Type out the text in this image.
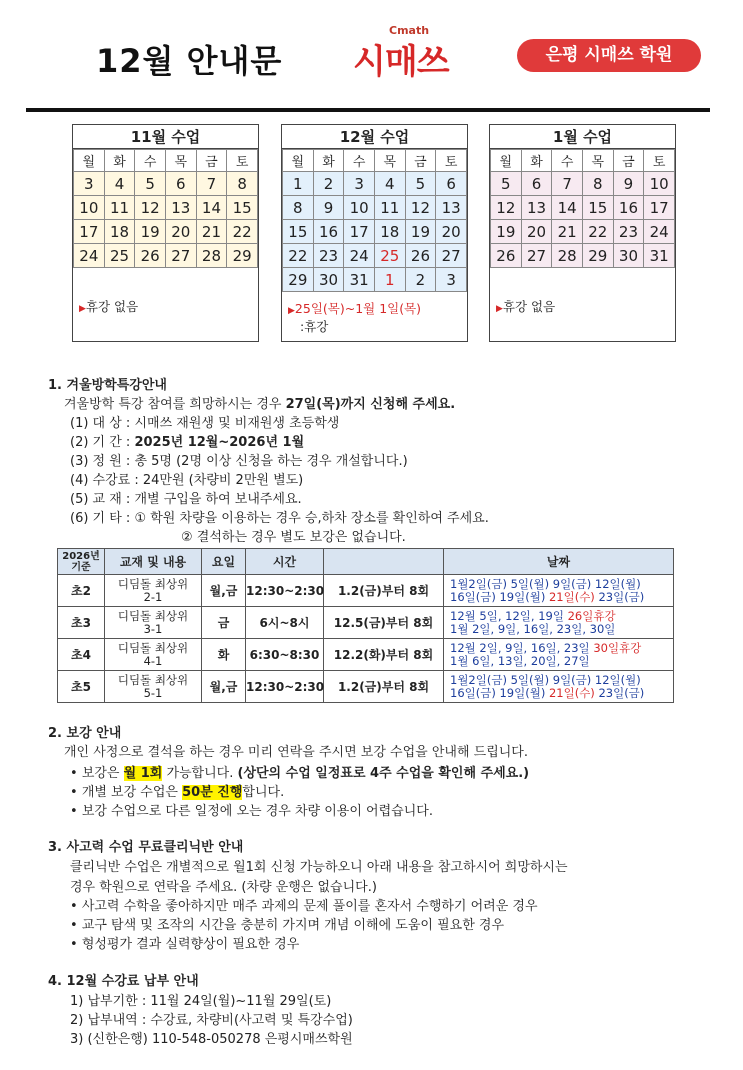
12월 안내문
Cmath
시매쓰	은평 시매쓰 학원
11월 수업
월	화	수	목	금	토
3	4	5	6	7	8
10	11	12	13	14	15
17	18	19	20	21	22
24	25	26	27	28	29
▶휴강 없음
12월 수업
월	화	수	목	금	토
1	2	3	4	5	6
8	9	10	11	12	13
15	16	17	18	19	20
22	23	24	25	26	27
29	30	31	1	2	3
▶25일(목)~1월 1일(목)
:휴강
1월 수업
월	화	수	목	금	토
5	6	7	8	9	10
12	13	14	15	16	17
19	20	21	22	23	24
26	27	28	29	30	31
▶휴강 없음
1. 겨울방학특강안내
겨울방학 특강 참여를 희망하시는 경우 27일(목)까지 신청해 주세요.
(1) 대 상 : 시매쓰 재원생 및 비재원생 초등학생
(2) 기 간 : 2025년 12월~2026년 1월
(3) 정 원 : 총 5명 (2명 이상 신청을 하는 경우 개설합니다.)
(4) 수강료 : 24만원 (차량비 2만원 별도)
(5) 교 재 : 개별 구입을 하여 보내주세요.
(6) 기 타 : ① 학원 차량을 이용하는 경우 승,하차 장소를 확인하여 주세요.
② 결석하는 경우 별도 보강은 없습니다.
2026년
기준	교재 및 내용	요일	시간		날짜
초2	디딤돌 최상위
2-1	월,금	12:30~2:30	1.2(금)부터 8회	1월2일(금) 5일(월) 9일(금) 12일(월)
16일(금) 19일(월) 21일(수) 23일(금)
초3	디딤돌 최상위
3-1	금	6시~8시	12.5(금)부터 8회	12월 5일, 12일, 19일 26일휴강
1월 2일, 9일, 16일, 23일, 30일
초4	디딤돌 최상위
4-1	화	6:30~8:30	12.2(화)부터 8회	12월 2일, 9일, 16일, 23일 30일휴강
1월 6일, 13일, 20일, 27일
초5	디딤돌 최상위
5-1	월,금	12:30~2:30	1.2(금)부터 8회	1월2일(금) 5일(월) 9일(금) 12일(월)
16일(금) 19일(월) 21일(수) 23일(금)
2. 보강 안내
개인 사정으로 결석을 하는 경우 미리 연락을 주시면 보강 수업을 안내해 드립니다.
• 보강은 월 1회 가능합니다. (상단의 수업 일정표로 4주 수업을 확인해 주세요.)
• 개별 보강 수업은 50분 진행합니다.
• 보강 수업으로 다른 일정에 오는 경우 차량 이용이 어렵습니다.
3. 사고력 수업 무료클리닉반 안내
클리닉반 수업은 개별적으로 월1회 신청 가능하오니 아래 내용을 참고하시어 희망하시는
경우 학원으로 연락을 주세요. (차량 운행은 없습니다.)
• 사고력 수학을 좋아하지만 매주 과제의 문제 풀이를 혼자서 수행하기 어려운 경우
• 교구 탐색 및 조작의 시간을 충분히 가지며 개념 이해에 도움이 필요한 경우
• 형성평가 결과 실력향상이 필요한 경우
4. 12월 수강료 납부 안내
1) 납부기한 : 11월 24일(월)~11월 29일(토)
2) 납부내역 : 수강료, 차량비(사고력 및 특강수업)
3) (신한은행) 110-548-050278 은평시매쓰학원
